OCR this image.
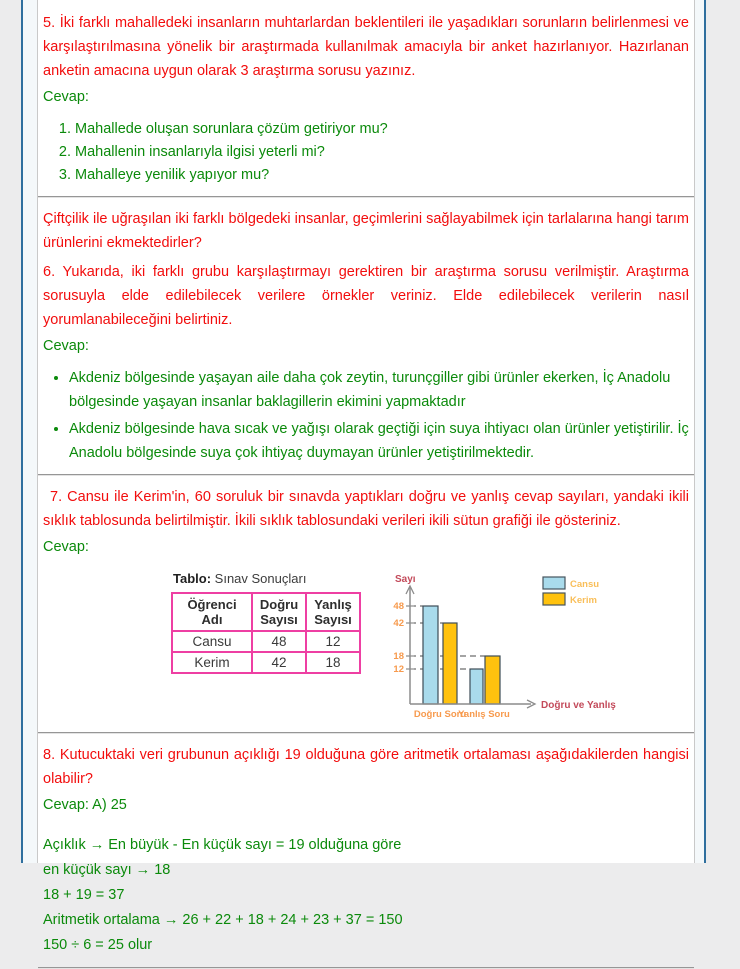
5. İki farklı mahalledeki insanların muhtarlardan beklentileri ile yaşadıkları sorunların belirlenmesi ve karşılaştırılmasına yönelik bir araştırmada kullanılmak amacıyla bir anket hazırlanıyor. Hazırlanan anketin amacına uygun olarak 3 araştırma sorusu yazınız.

Cevap:

1. Mahallede oluşan sorunlara çözüm getiriyor mu?
2. Mahallenin insanlarıyla ilgisi yeterli mi?
3. Mahalleye yenilik yapıyor mu?

Çiftçilik ile uğraşılan iki farklı bölgedeki insanlar, geçimlerini sağlayabilmek için tarlalarına hangi tarım ürünlerini ekmektedirler?

6. Yukarıda, iki farklı grubu karşılaştırmayı gerektiren bir araştırma sorusu verilmiştir. Araştırma sorusuyla elde edilebilecek verilere örnekler veriniz. Elde edilebilecek verilerin nasıl yorumlanabileceğini belirtiniz.

Cevap:

• Akdeniz bölgesinde yaşayan aile daha çok zeytin, turunçgiller gibi ürünler ekerken, İç Anadolu bölgesinde yaşayan insanlar baklagillerin ekimini yapmaktadır
• Akdeniz bölgesinde hava sıcak ve yağışı olarak geçtiği için suya ihtiyacı olan ürünler yetiştirilir. İç Anadolu bölgesinde suya çok ihtiyaç duymayan ürünler yetiştirilmektedir.

7. Cansu ile Kerim'in, 60 soruluk bir sınavda yaptıkları doğru ve yanlış cevap sayıları, yandaki ikili sıklık tablosunda belirtilmiştir. İkili sıklık tablosundaki verileri ikili sütun grafiği ile gösteriniz.

Cevap:

Tablo: Sınav Sonuçları

Öğrenci Adı	Doğru Sayısı	Yanlış Sayısı
Cansu	48	12
Kerim	42	18
48
42
18
12
Sayı
Doğru ve Yanlış
Doğru Soru
Yanlış Soru
Cansu
Kerim

8. Kutucuktaki veri grubunun açıklığı 19 olduğuna göre aritmetik ortalaması aşağıdakilerden hangisi olabilir?

Cevap: A) 25

Açıklık → En büyük - En küçük sayı = 19 olduğuna göre

en küçük sayı → 18

18 + 19 = 37

Aritmetik ortalama → 26 + 22 + 18 + 24 + 23 + 37 = 150

150 ÷ 6 = 25 olur
